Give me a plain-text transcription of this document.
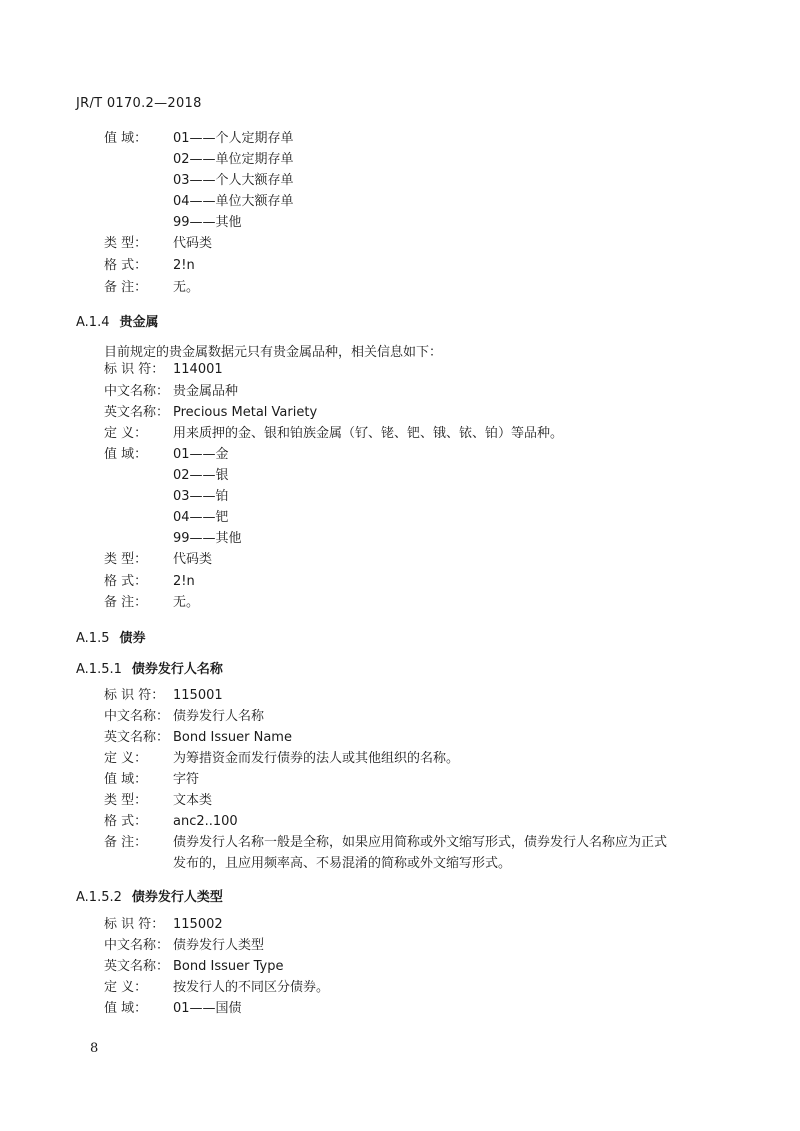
JR/T 0170.2—2018
值 域： 01——个人定期存单
02——单位定期存单
03——个人大额存单
04——单位大额存单
99——其他
类 型： 代码类
格 式： 2!n
备 注： 无。
A.1.4 贵金属
目前规定的贵金属数据元只有贵金属品种，相关信息如下：
标 识 符： 114001
中文名称： 贵金属品种
英文名称： Precious Metal Variety
定 义： 用来质押的金、银和铂族金属（钌、铑、钯、锇、铱、铂）等品种。
值 域： 01——金
02——银
03——铂
04——钯
99——其他
类 型： 代码类
格 式： 2!n
备 注： 无。
A.1.5 债券
A.1.5.1 债券发行人名称
标 识 符： 115001
中文名称： 债券发行人名称
英文名称： Bond Issuer Name
定 义： 为筹措资金而发行债券的法人或其他组织的名称。
值 域： 字符
类 型： 文本类
格 式： anc2..100
备 注： 债券发行人名称一般是全称，如果应用简称或外文缩写形式，债券发行人名称应为正式
发布的，且应用频率高、不易混淆的简称或外文缩写形式。
A.1.5.2 债券发行人类型
标 识 符： 115002
中文名称： 债券发行人类型
英文名称： Bond Issuer Type
定 义： 按发行人的不同区分债券。
值 域： 01——国债
8
